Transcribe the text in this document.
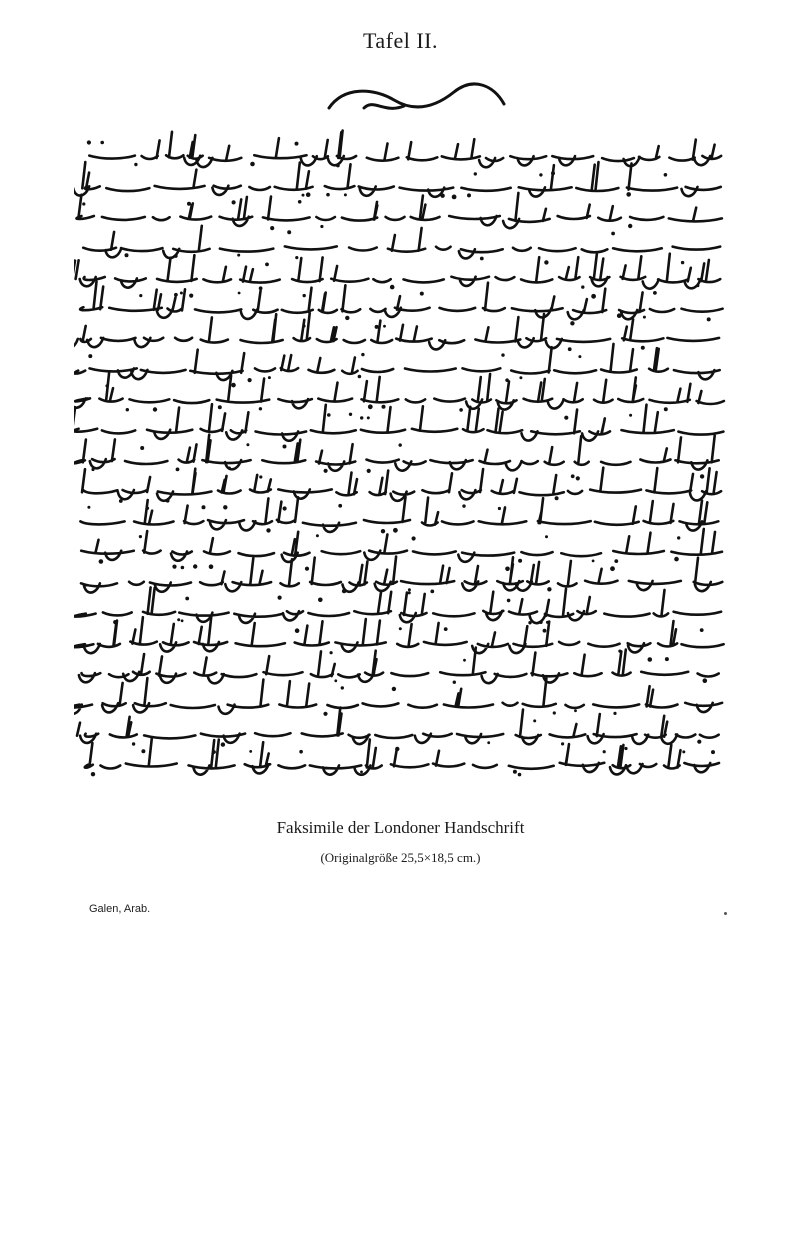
Tafel II.
Faksimile der Londoner Handschrift
(Originalgröße 25,5×18,5 cm.)
Galen, Arab.
